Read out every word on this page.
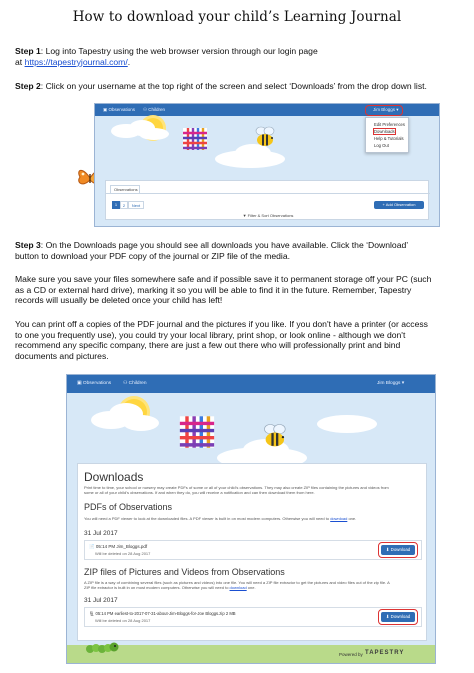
How to download your child’s Learning Journal
Step 1: Log into Tapestry using the web browser version through our login page
at https://tapestryjournal.com/.
Step 2: Click on your username at the top right of the screen and select ‘Downloads’ from the drop down list.
▣ Observations ⚇ Children	Jim Bloggs ▾
Edit Preferences
Downloads
Help & Tutorials
Log Out
Observations
1	2	Next	+ Add Observation
▼ Filter & Sort Observations
Step 3: On the Downloads page you should see all downloads you have available. Click the ‘Download’
button to download your PDF copy of the journal or ZIP file of the media.
Make sure you save your files somewhere safe and if possible save it to permanent storage off your PC (such
as a CD or external hard drive), marking it so you will be able to find it in the future. Remember, Tapestry
records will usually be deleted once your child has left!
You can print off a copies of the PDF journal and the pictures if you like. If you don't have a printer (or access
to one you frequently use), you could try your local library, print shop, or look online - although we don't
recommend any specific company, there are just a few out there who will professionally print and bind
documents and pictures.
▣ Observations ⚇ Children	Jim Bloggs ▾
Downloads
Print time to time, your school or nursery may create PDFs of some or all of your child's observations. They may also create ZIP files containing the pictures and videos from
some or all of your child's observations. If and when they do, you will receive a notification and can then download them from here.
PDFs of Observations
You will need a PDF viewer to look at the downloaded files. A PDF viewer is built in on most modern computers. Otherwise you will need to download one.
31 Jul 2017
📄 05:14 PM Jim_Bloggs.pdf
Will be deleted on 28 Aug 2017
⬇ Download
ZIP files of Pictures and Videos from Observations
A ZIP file is a way of combining several files (such as pictures and videos) into one file. You will need a ZIP file extractor to get the pictures and video files out of the zip file. A
ZIP file extractor is built in on most modern computers. Otherwise you will need to download one.
31 Jul 2017
🗜 05:14 PM earliest-to-2017-07-31-about-Jim-Bloggs-for-Joe Bloggs.zip 2 MB
Will be deleted on 28 Aug 2017
⬇ Download
Powered by TAPESTRY
